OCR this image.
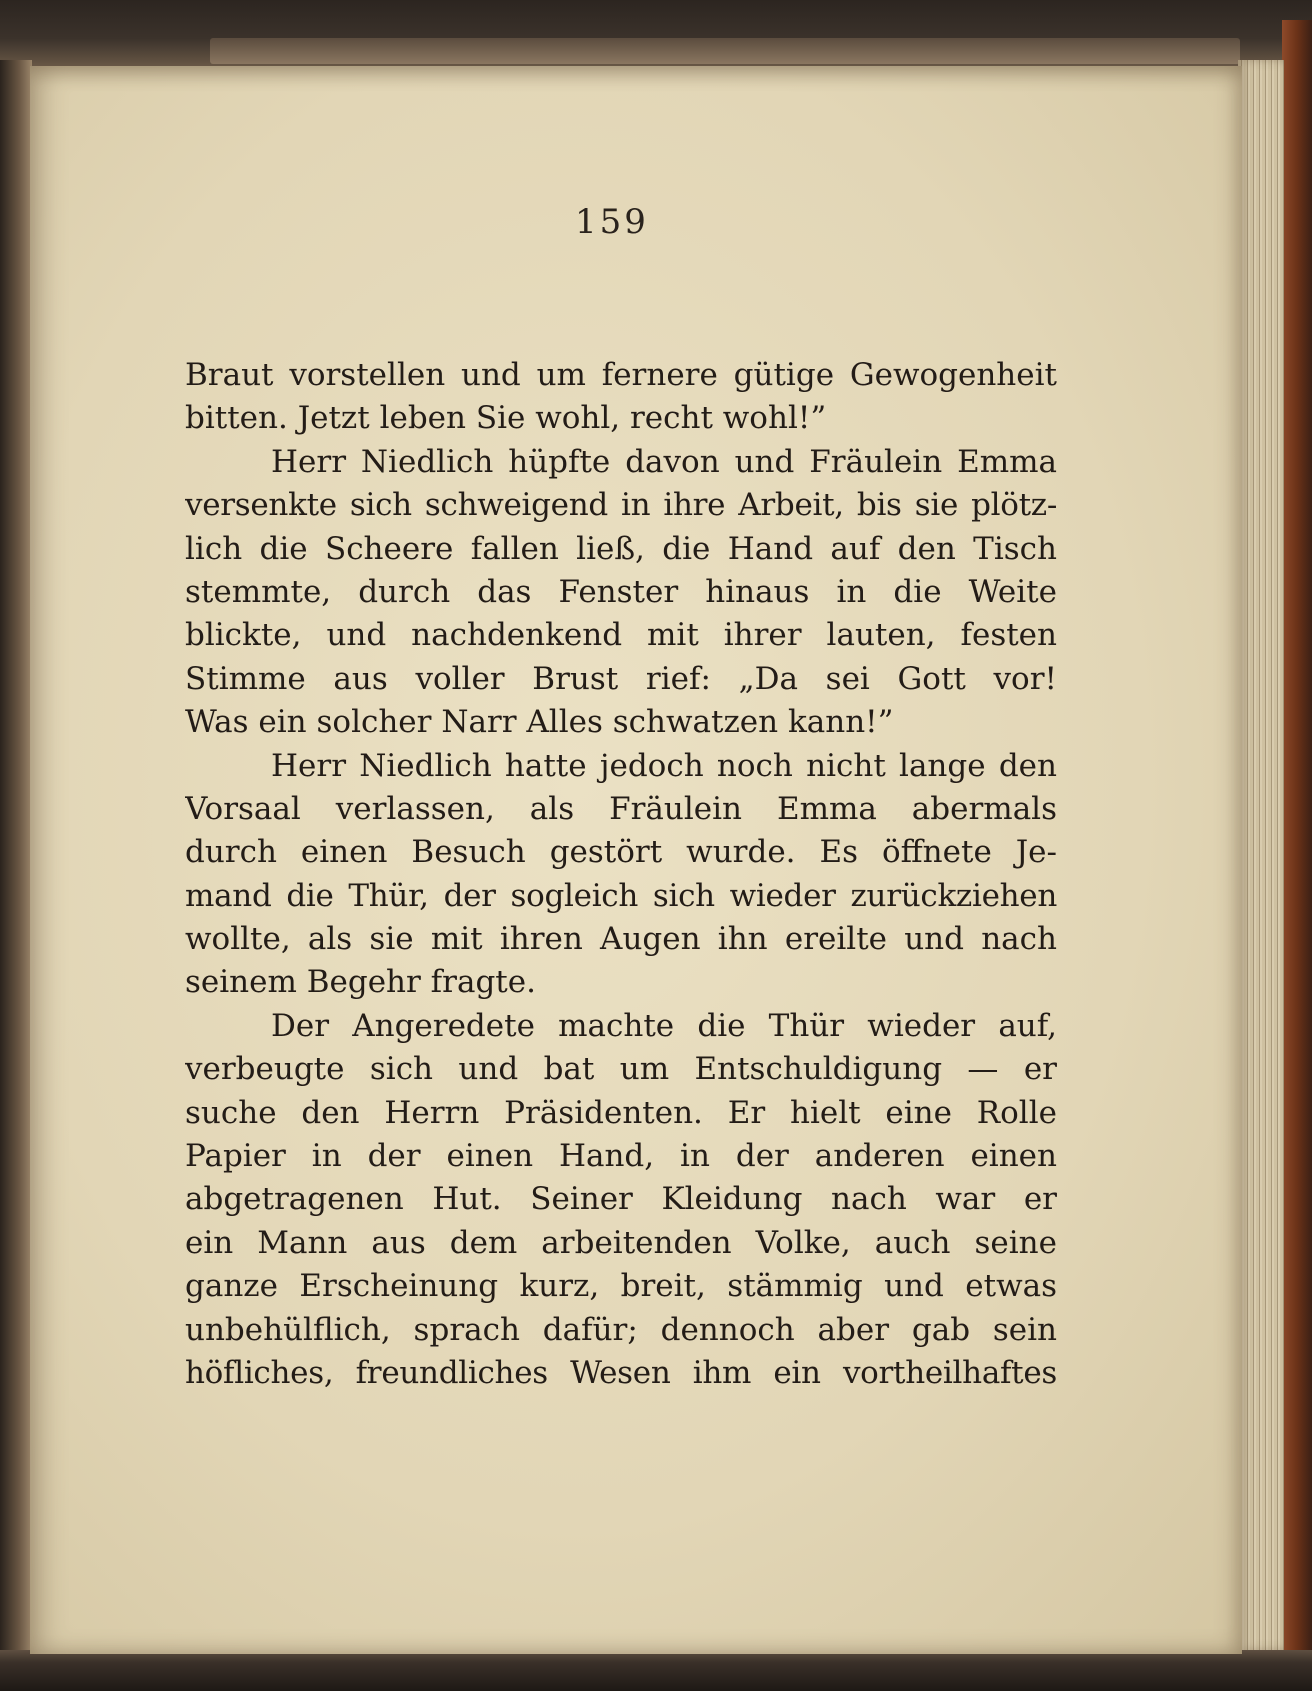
159
Braut vorstellen und um fernere gütige Gewogenheit
bitten. Jetzt leben Sie wohl, recht wohl!”
Herr Niedlich hüpfte davon und Fräulein Emma
versenkte sich schweigend in ihre Arbeit, bis sie plötz-
lich die Scheere fallen ließ, die Hand auf den Tisch
stemmte, durch das Fenster hinaus in die Weite
blickte, und nachdenkend mit ihrer lauten, festen
Stimme aus voller Brust rief: „Da sei Gott vor!
Was ein solcher Narr Alles schwatzen kann!”
Herr Niedlich hatte jedoch noch nicht lange den
Vorsaal verlassen, als Fräulein Emma abermals
durch einen Besuch gestört wurde. Es öffnete Je-
mand die Thür, der sogleich sich wieder zurückziehen
wollte, als sie mit ihren Augen ihn ereilte und nach
seinem Begehr fragte.
Der Angeredete machte die Thür wieder auf,
verbeugte sich und bat um Entschuldigung — er
suche den Herrn Präsidenten. Er hielt eine Rolle
Papier in der einen Hand, in der anderen einen
abgetragenen Hut. Seiner Kleidung nach war er
ein Mann aus dem arbeitenden Volke, auch seine
ganze Erscheinung kurz, breit, stämmig und etwas
unbehülflich, sprach dafür; dennoch aber gab sein
höfliches, freundliches Wesen ihm ein vortheilhaftes
